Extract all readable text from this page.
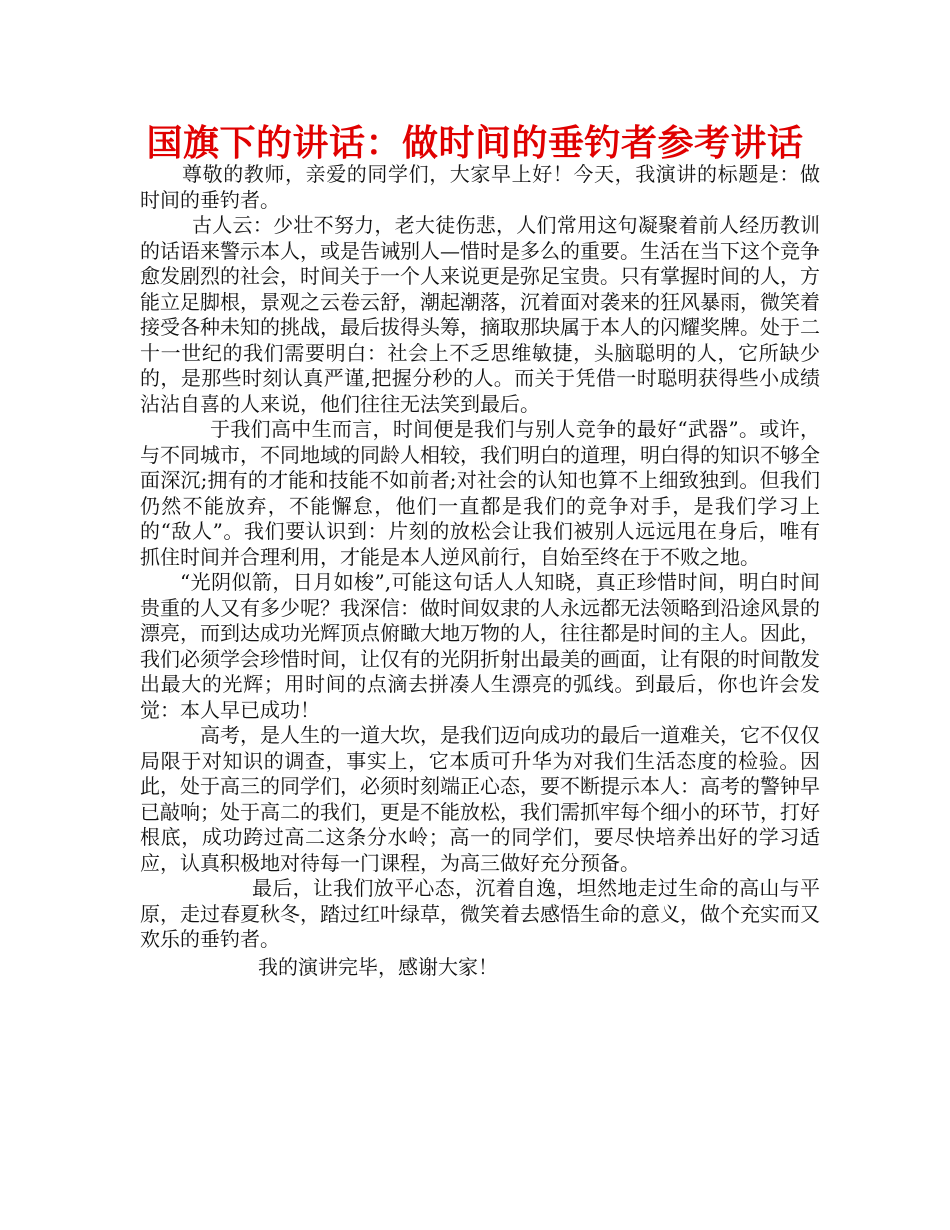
国旗下的讲话：做时间的垂钓者参考讲话

尊敬的教师，亲爱的同学们，大家早上好！今天，我演讲的标题是：做时间的垂钓者。

古人云：少壮不努力，老大徒伤悲，人们常用这句凝聚着前人经历教训的话语来警示本人，或是告诫别人—惜时是多么的重要。生活在当下这个竞争愈发剧烈的社会，时间关于一个人来说更是弥足宝贵。只有掌握时间的人，方能立足脚根，景观之云卷云舒，潮起潮落，沉着面对袭来的狂风暴雨，微笑着接受各种未知的挑战，最后拔得头筹，摘取那块属于本人的闪耀奖牌。处于二十一世纪的我们需要明白：社会上不乏思维敏捷，头脑聪明的人，它所缺少的，是那些时刻认真严谨,把握分秒的人。而关于凭借一时聪明获得些小成绩沾沾自喜的人来说，他们往往无法笑到最后。

于我们高中生而言，时间便是我们与别人竞争的最好“武器”。或许，与不同城市，不同地域的同龄人相较，我们明白的道理，明白得的知识不够全面深沉;拥有的才能和技能不如前者;对社会的认知也算不上细致独到。但我们仍然不能放弃，不能懈怠，他们一直都是我们的竞争对手，是我们学习上的“敌人”。我们要认识到：片刻的放松会让我们被别人远远甩在身后，唯有抓住时间并合理利用，才能是本人逆风前行，自始至终在于不败之地。

“光阴似箭，日月如梭”,可能这句话人人知晓，真正珍惜时间，明白时间贵重的人又有多少呢？我深信：做时间奴隶的人永远都无法领略到沿途风景的漂亮，而到达成功光辉顶点俯瞰大地万物的人，往往都是时间的主人。因此，我们必须学会珍惜时间，让仅有的光阴折射出最美的画面，让有限的时间散发出最大的光辉；用时间的点滴去拼凑人生漂亮的弧线。到最后，你也许会发觉：本人早已成功！

高考，是人生的一道大坎，是我们迈向成功的最后一道难关，它不仅仅局限于对知识的调查，事实上，它本质可升华为对我们生活态度的检验。因此，处于高三的同学们，必须时刻端正心态，要不断提示本人：高考的警钟早已敲响；处于高二的我们，更是不能放松，我们需抓牢每个细小的环节，打好根底，成功跨过高二这条分水岭；高一的同学们，要尽快培养出好的学习适应，认真积极地对待每一门课程，为高三做好充分预备。

最后，让我们放平心态，沉着自逸，坦然地走过生命的高山与平原，走过春夏秋冬，踏过红叶绿草，微笑着去感悟生命的意义，做个充实而又欢乐的垂钓者。

我的演讲完毕，感谢大家！
